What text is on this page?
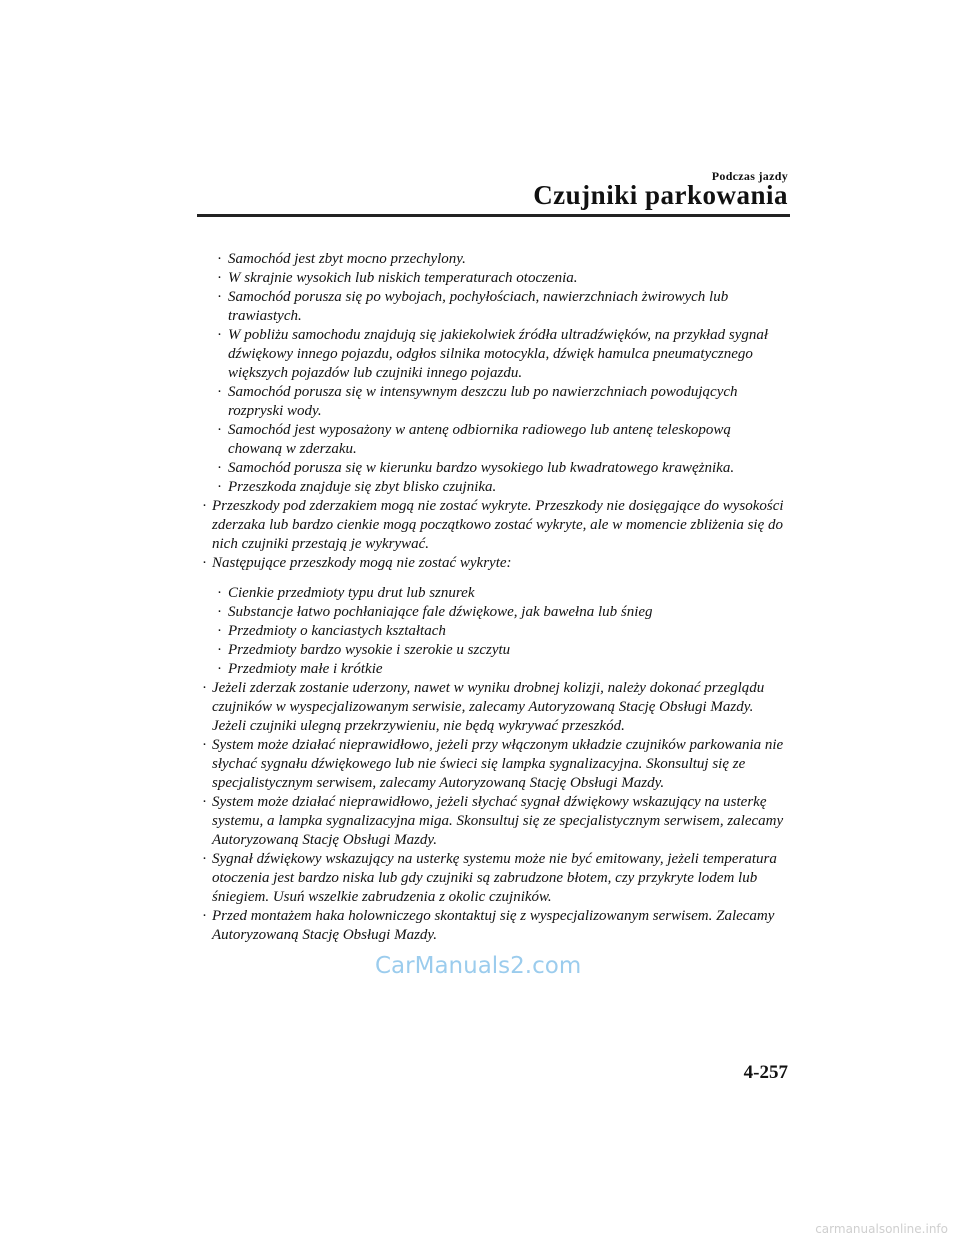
Podczas jazdy
Czujniki parkowania
· Samochód jest zbyt mocno przechylony.
· W skrajnie wysokich lub niskich temperaturach otoczenia.
· Samochód porusza się po wybojach, pochyłościach, nawierzchniach żwirowych lub trawiastych.
· W pobliżu samochodu znajdują się jakiekolwiek źródła ultradźwięków, na przykład sygnał dźwiękowy innego pojazdu, odgłos silnika motocykla, dźwięk hamulca pneumatycznego większych pojazdów lub czujniki innego pojazdu.
· Samochód porusza się w intensywnym deszczu lub po nawierzchniach powodujących rozpryski wody.
· Samochód jest wyposażony w antenę odbiornika radiowego lub antenę teleskopową chowaną w zderzaku.
· Samochód porusza się w kierunku bardzo wysokiego lub kwadratowego krawężnika.
· Przeszkoda znajduje się zbyt blisko czujnika.
· Przeszkody pod zderzakiem mogą nie zostać wykryte. Przeszkody nie dosięgające do wysokości zderzaka lub bardzo cienkie mogą początkowo zostać wykryte, ale w momencie zbliżenia się do nich czujniki przestają je wykrywać.
· Następujące przeszkody mogą nie zostać wykryte:
· Cienkie przedmioty typu drut lub sznurek
· Substancje łatwo pochłaniające fale dźwiękowe, jak bawełna lub śnieg
· Przedmioty o kanciastych kształtach
· Przedmioty bardzo wysokie i szerokie u szczytu
· Przedmioty małe i krótkie
· Jeżeli zderzak zostanie uderzony, nawet w wyniku drobnej kolizji, należy dokonać przeglądu czujników w wyspecjalizowanym serwisie, zalecamy Autoryzowaną Stację Obsługi Mazdy. Jeżeli czujniki ulegną przekrzywieniu, nie będą wykrywać przeszkód.
· System może działać nieprawidłowo, jeżeli przy włączonym układzie czujników parkowania nie słychać sygnału dźwiękowego lub nie świeci się lampka sygnalizacyjna. Skonsultuj się ze specjalistycznym serwisem, zalecamy Autoryzowaną Stację Obsługi Mazdy.
· System może działać nieprawidłowo, jeżeli słychać sygnał dźwiękowy wskazujący na usterkę systemu, a lampka sygnalizacyjna miga. Skonsultuj się ze specjalistycznym serwisem, zalecamy Autoryzowaną Stację Obsługi Mazdy.
· Sygnał dźwiękowy wskazujący na usterkę systemu może nie być emitowany, jeżeli temperatura otoczenia jest bardzo niska lub gdy czujniki są zabrudzone błotem, czy przykryte lodem lub śniegiem. Usuń wszelkie zabrudzenia z okolic czujników.
· Przed montażem haka holowniczego skontaktuj się z wyspecjalizowanym serwisem. Zalecamy Autoryzowaną Stację Obsługi Mazdy.
CarManuals2.com
4-257
carmanualsonline.info
